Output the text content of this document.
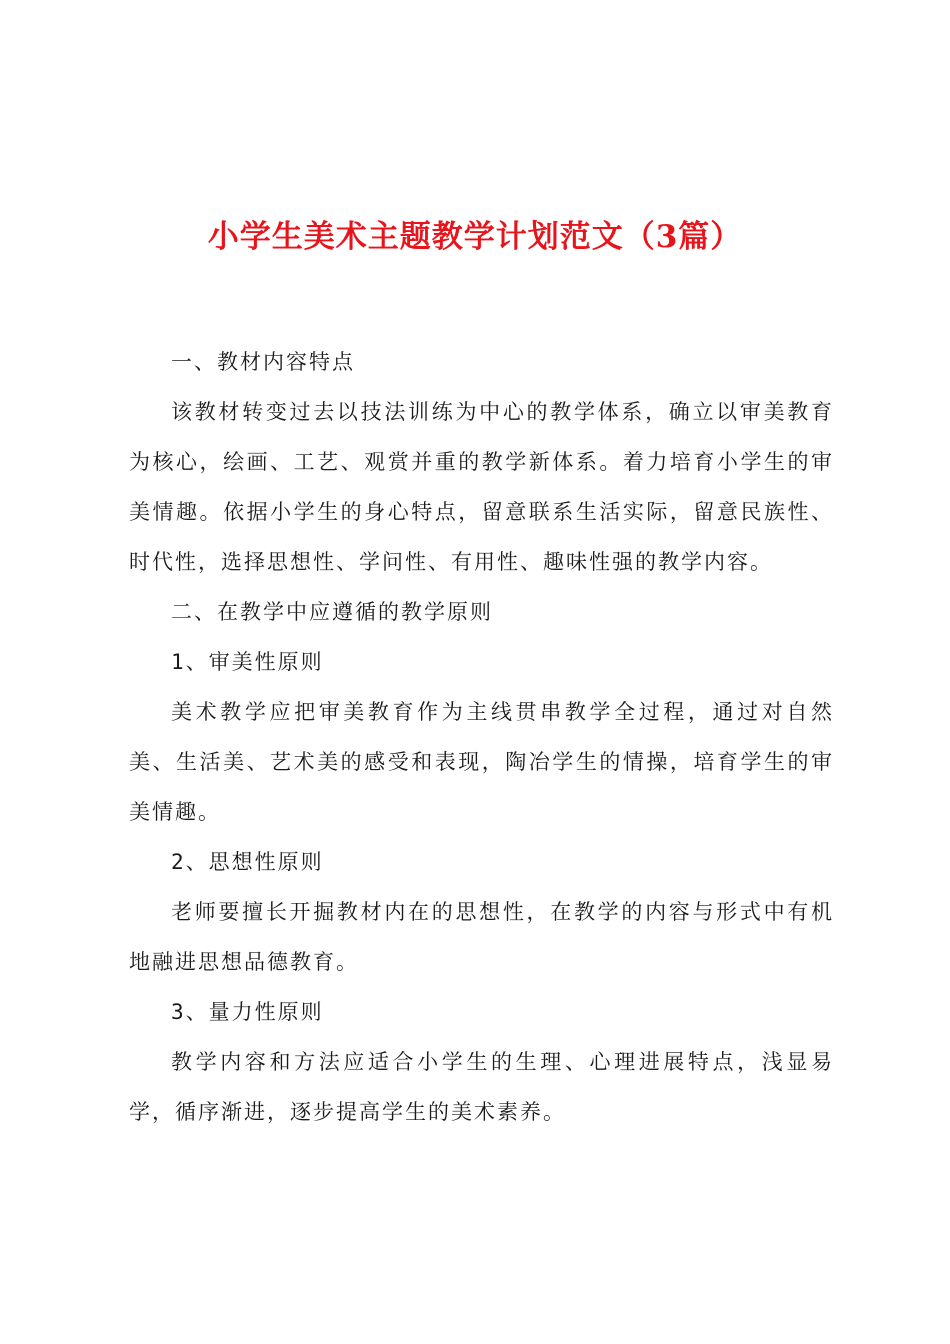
小学生美术主题教学计划范文（3篇）

一、教材内容特点

该教材转变过去以技法训练为中心的教学体系，确立以审美教育为核心，绘画、工艺、观赏并重的教学新体系。着力培育小学生的审美情趣。依据小学生的身心特点，留意联系生活实际，留意民族性、时代性，选择思想性、学问性、有用性、趣味性强的教学内容。

二、在教学中应遵循的教学原则

1、审美性原则

美术教学应把审美教育作为主线贯串教学全过程，通过对自然美、生活美、艺术美的感受和表现，陶冶学生的情操，培育学生的审美情趣。

2、思想性原则

老师要擅长开掘教材内在的思想性，在教学的内容与形式中有机地融进思想品德教育。

3、量力性原则

教学内容和方法应适合小学生的生理、心理进展特点，浅显易学，循序渐进，逐步提高学生的美术素养。
